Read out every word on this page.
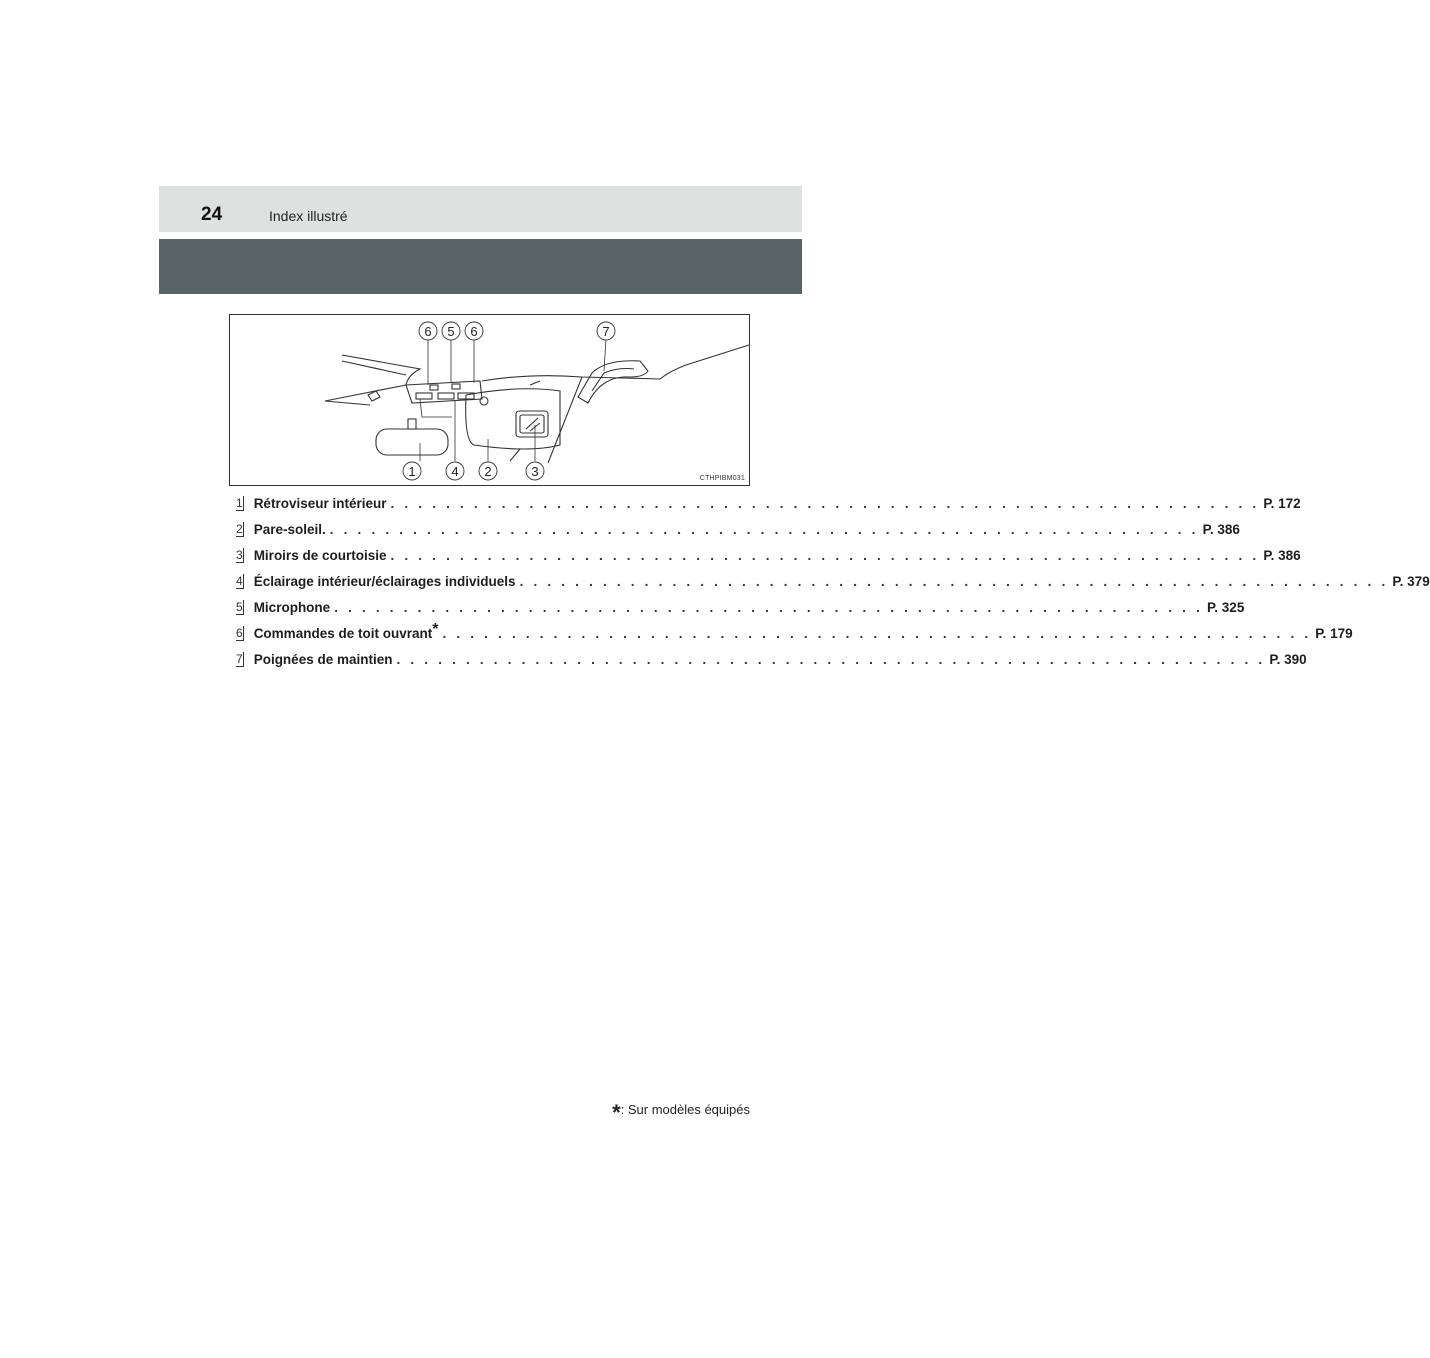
24	Index illustré
6 5 6	7
1	4 2	3	CTHPIBM031
1 Rétroviseur intérieur . . . . . . . . . . . . . . . . . . . . . . . . . . . . . . . . . . . . . . . . . . . . . . . . . . . . . . . . . . . . . . . P. 172
2 Pare-soleil. . . . . . . . . . . . . . . . . . . . . . . . . . . . . . . . . . . . . . . . . . . . . . . . . . . . . . . . . . . . . . . . P. 386
3 Miroirs de courtoisie . . . . . . . . . . . . . . . . . . . . . . . . . . . . . . . . . . . . . . . . . . . . . . . . . . . . . . . . . . . . . . . P. 386
4 Éclairage intérieur/éclairages individuels . . . . . . . . . . . . . . . . . . . . . . . . . . . . . . . . . . . . . . . . . . . . . . . . . . . . . . . . . . . . . . . P. 379
5 Microphone . . . . . . . . . . . . . . . . . . . . . . . . . . . . . . . . . . . . . . . . . . . . . . . . . . . . . . . . . . . . . . . P. 325
6 Commandes de toit ouvrant* . . . . . . . . . . . . . . . . . . . . . . . . . . . . . . . . . . . . . . . . . . . . . . . . . . . . . . . . . . . . . . . P. 179
7 Poignées de maintien . . . . . . . . . . . . . . . . . . . . . . . . . . . . . . . . . . . . . . . . . . . . . . . . . . . . . . . . . . . . . . . P. 390
*: Sur modèles équipés
